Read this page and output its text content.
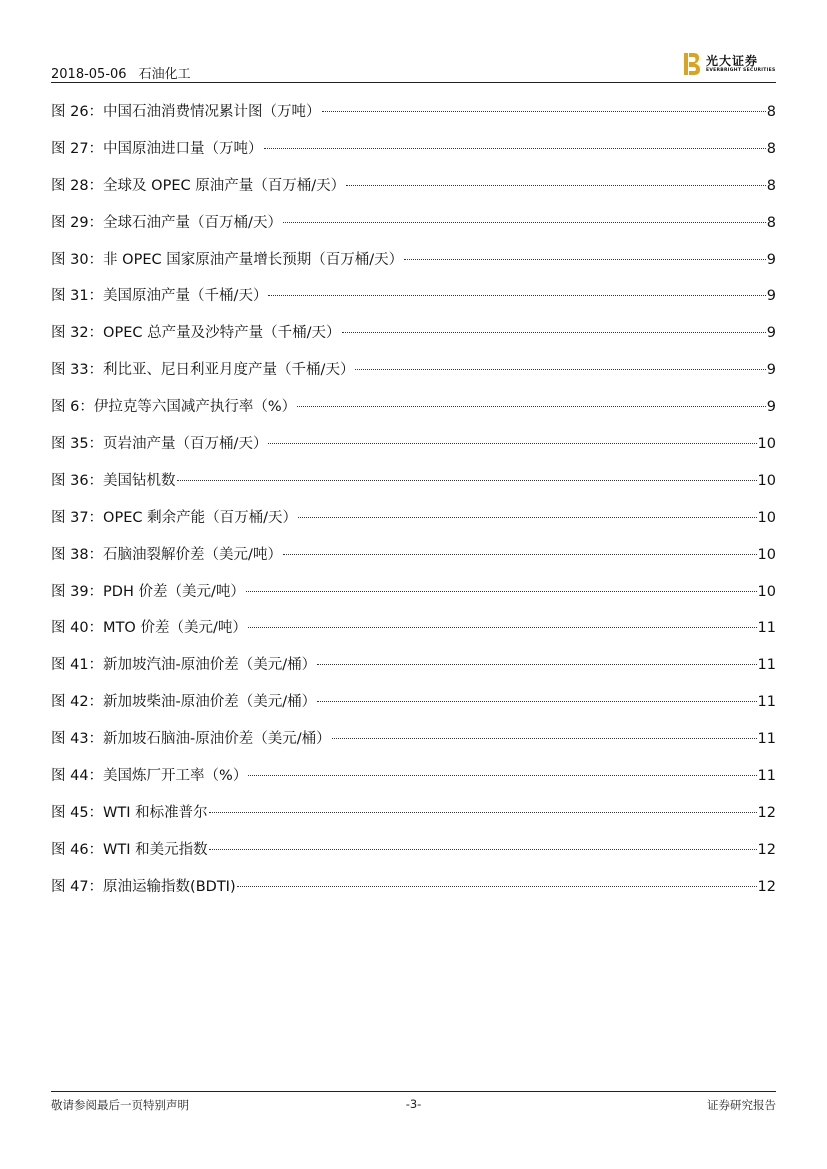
2018-05-06 石油化工
光大证券
EVERBRIGHT SECURITIES
图 26：中国石油消费情况累计图（万吨）	8
图 27：中国原油进口量（万吨）	8
图 28：全球及 OPEC 原油产量（百万桶/天）	8
图 29：全球石油产量（百万桶/天）	8
图 30：非 OPEC 国家原油产量增长预期（百万桶/天）	9
图 31：美国原油产量（千桶/天）	9
图 32：OPEC 总产量及沙特产量（千桶/天）	9
图 33：利比亚、尼日利亚月度产量（千桶/天）	9
图 6：伊拉克等六国减产执行率（%）	9
图 35：页岩油产量（百万桶/天）	10
图 36：美国钻机数	10
图 37：OPEC 剩余产能（百万桶/天）	10
图 38：石脑油裂解价差（美元/吨）	10
图 39：PDH 价差（美元/吨）	10
图 40：MTO 价差（美元/吨）	11
图 41：新加坡汽油-原油价差（美元/桶）	11
图 42：新加坡柴油-原油价差（美元/桶）	11
图 43：新加坡石脑油-原油价差（美元/桶）	11
图 44：美国炼厂开工率（%）	11
图 45：WTI 和标准普尔	12
图 46：WTI 和美元指数	12
图 47：原油运输指数(BDTI)	12
敬请参阅最后一页特别声明	-3-	证券研究报告
